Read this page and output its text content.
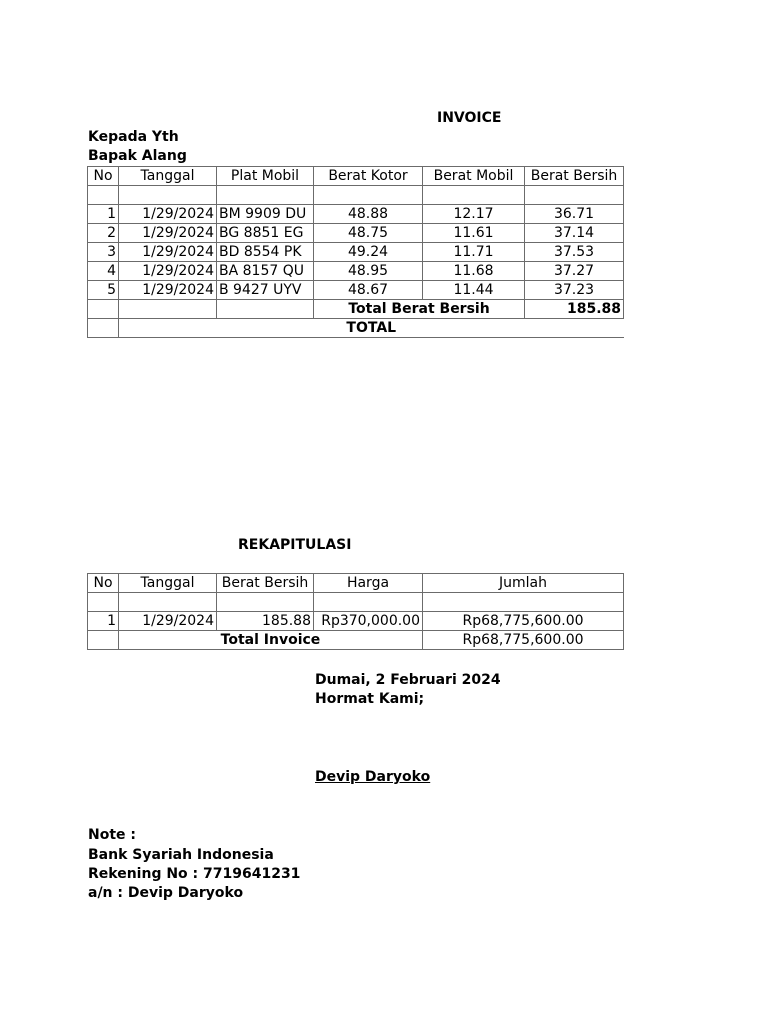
INVOICE
Kepada Yth
Bapak Alang
No	Tanggal	Plat Mobil	Berat Kotor	Berat Mobil	Berat Bersih

1	1/29/2024	BM 9909 DU	48.88	12.17	36.71
2	1/29/2024	BG 8851 EG	48.75	11.61	37.14
3	1/29/2024	BD 8554 PK	49.24	11.71	37.53
4	1/29/2024	BA 8157 QU	48.95	11.68	37.27
5	1/29/2024	B 9427 UYV	48.67	11.44	37.23
			Total Berat Bersih		185.88
	TOTAL				
REKAPITULASI
No	Tanggal	Berat Bersih	Harga	Jumlah

1	1/29/2024	185.88	Rp370,000.00	Rp68,775,600.00
	Total Invoice			Rp68,775,600.00
Dumai, 2 Februari 2024
Hormat Kami;
Devip Daryoko
Note :
Bank Syariah Indonesia
Rekening No : 7719641231
a/n : Devip Daryoko
